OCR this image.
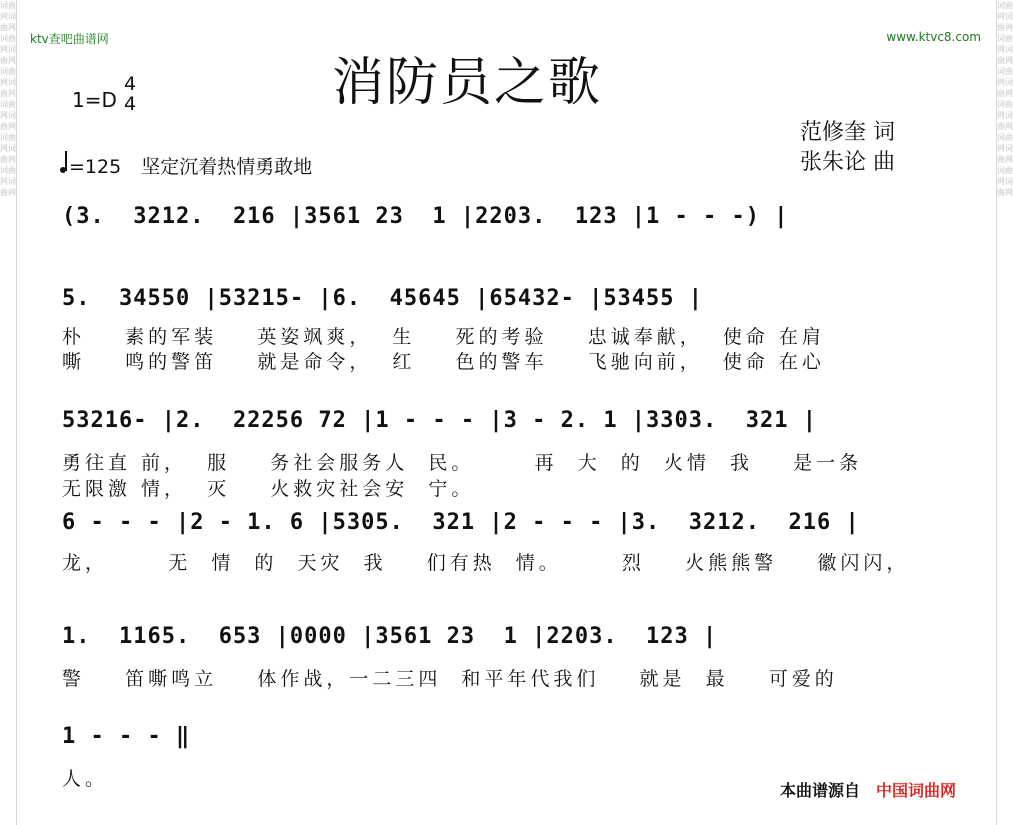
词曲网词曲网词曲网词曲网词曲网词曲网词曲网词曲网词曲网词曲网词曲网词曲网
词曲网词曲网词曲网词曲网词曲网词曲网词曲网词曲网词曲网词曲网词曲网词曲网
ktv查吧曲谱网	www.ktvc8.com
消防员之歌
1=D
4
4
范修奎 词
张朱论 曲
=125 坚定沉着热情勇敢地
(3.  3212.  216 |3561 23  1 |2203.  123 |1 - - -) |
5.  34550 |53215- |6.  45645 |65432- |53455 |
朴    素的军装    英姿飒爽，  生    死的考验    忠诚奉献，  使命 在肩
嘶    鸣的警笛    就是命令，  红    色的警车    飞驰向前，  使命 在心
53216- |2.  22256 72 |1 - - - |3 - 2. 1 |3303.  321 |
勇往直 前，  服    务社会服务人  民。      再  大  的  火情  我    是一条
无限激 情，  灭    火救灾社会安  宁。
6 - - - |2 - 1. 6 |5305.  321 |2 - - - |3.  3212.  216 |
龙，      无  情  的  天灾  我    们有热  情。      烈    火熊熊警    徽闪闪，
1.  1165.  653 |0000 |3561 23  1 |2203.  123 |
警    笛嘶鸣立    体作战，一二三四  和平年代我们    就是  最    可爱的
1 - - - ‖
人。
本曲谱源自 中国词曲网
